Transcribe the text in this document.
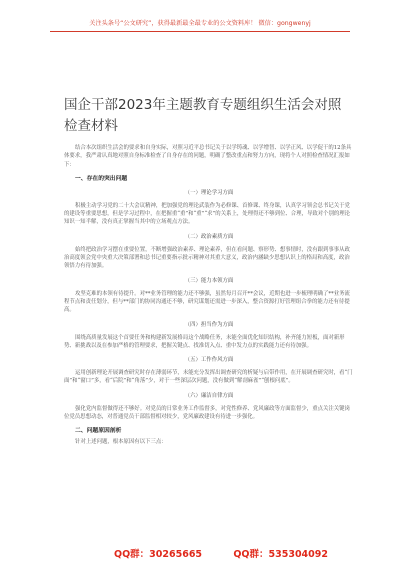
关注头条号“公文研究”，获得最新最全最专业的公文资料库！ 微信：gongwenyj
国企干部2023年主题教育专题组织生活会对照检查材料

结合本次组织生活会的要求和自身实际，对照习近平总书记关于以学铸魂、以学增智、以学正风、以学促干的12条具体要求，我严肃认真地对照自身标准检查了自身存在的问题，明确了整改重点和努力方向，现将个人对照检查情况汇报如下：

一、存在的突出问题
（一）理论学习方面

积极主动学习党的二十大会议精神，把加强党的理论武装作为必修课、首修课、终身课，认真学习领会总书记关于党的建设等重要思想，但是学习过程中，在把握重“重”和“重”“求”的关系上，处理得还不够到位、合理，导致对个别的理论知识一知半解，没有真正掌握当其中的立场观点方法。

（二）政治素质方面

始终把政治学习摆在重要位置，不断增强政治素养、理论素养，但在看问题、察形势、想事情时，没有跟到事事从政治高度领会党中央重大决策部署和总书记重要指示批示精神对其重大意义，政治内涵缺少思想认识上的格局和高度，政治领悟力有待加强。

（三）能力本领方面

攻坚克难的本领有待提升。对**业务管理的能力还不够强，虽然每月召开**会议，近期也进一步梳理明确了**业务流程节点和责任划分，但与**部门的协同沟通还不够，研究谋划还需进一步深入，整合资源打好管理组合拳的能力还有待提高。

（四）担当作为方面

围绕高质量发展这个首要任务和构建新发展格局这个战略任务，未能全面优化知识结构，补齐能力短板，面对新形势、新挑战以及在参加严格的管理要求，把握关键点、找准切入点、重中发力点的实践能力还有待加强。

（五）工作作风方面

运用创新理论开展调查研究时存在薄弱环节，未能充分发挥出调查研究的析疑与启带作用，在开展调查研究时，看“门面”和“窗口”多，看“后院”和“角落”少，对于一些深层次问题，没有做到“解剖麻雀”“刨根问底”。

（六）廉洁自律方面

强化党内监督做得还不够好。对党员的日常业务工作监督多，对党性修养、党风廉政等方面监督少，重点关注关键岗位党员思想动态，对普通党员干部监督相对较少，党风廉政建设有待进一步强化。

二、问题原因剖析

针对上述问题，根本原因有以下三点：

QQ群：30265665	QQ群：535304092
